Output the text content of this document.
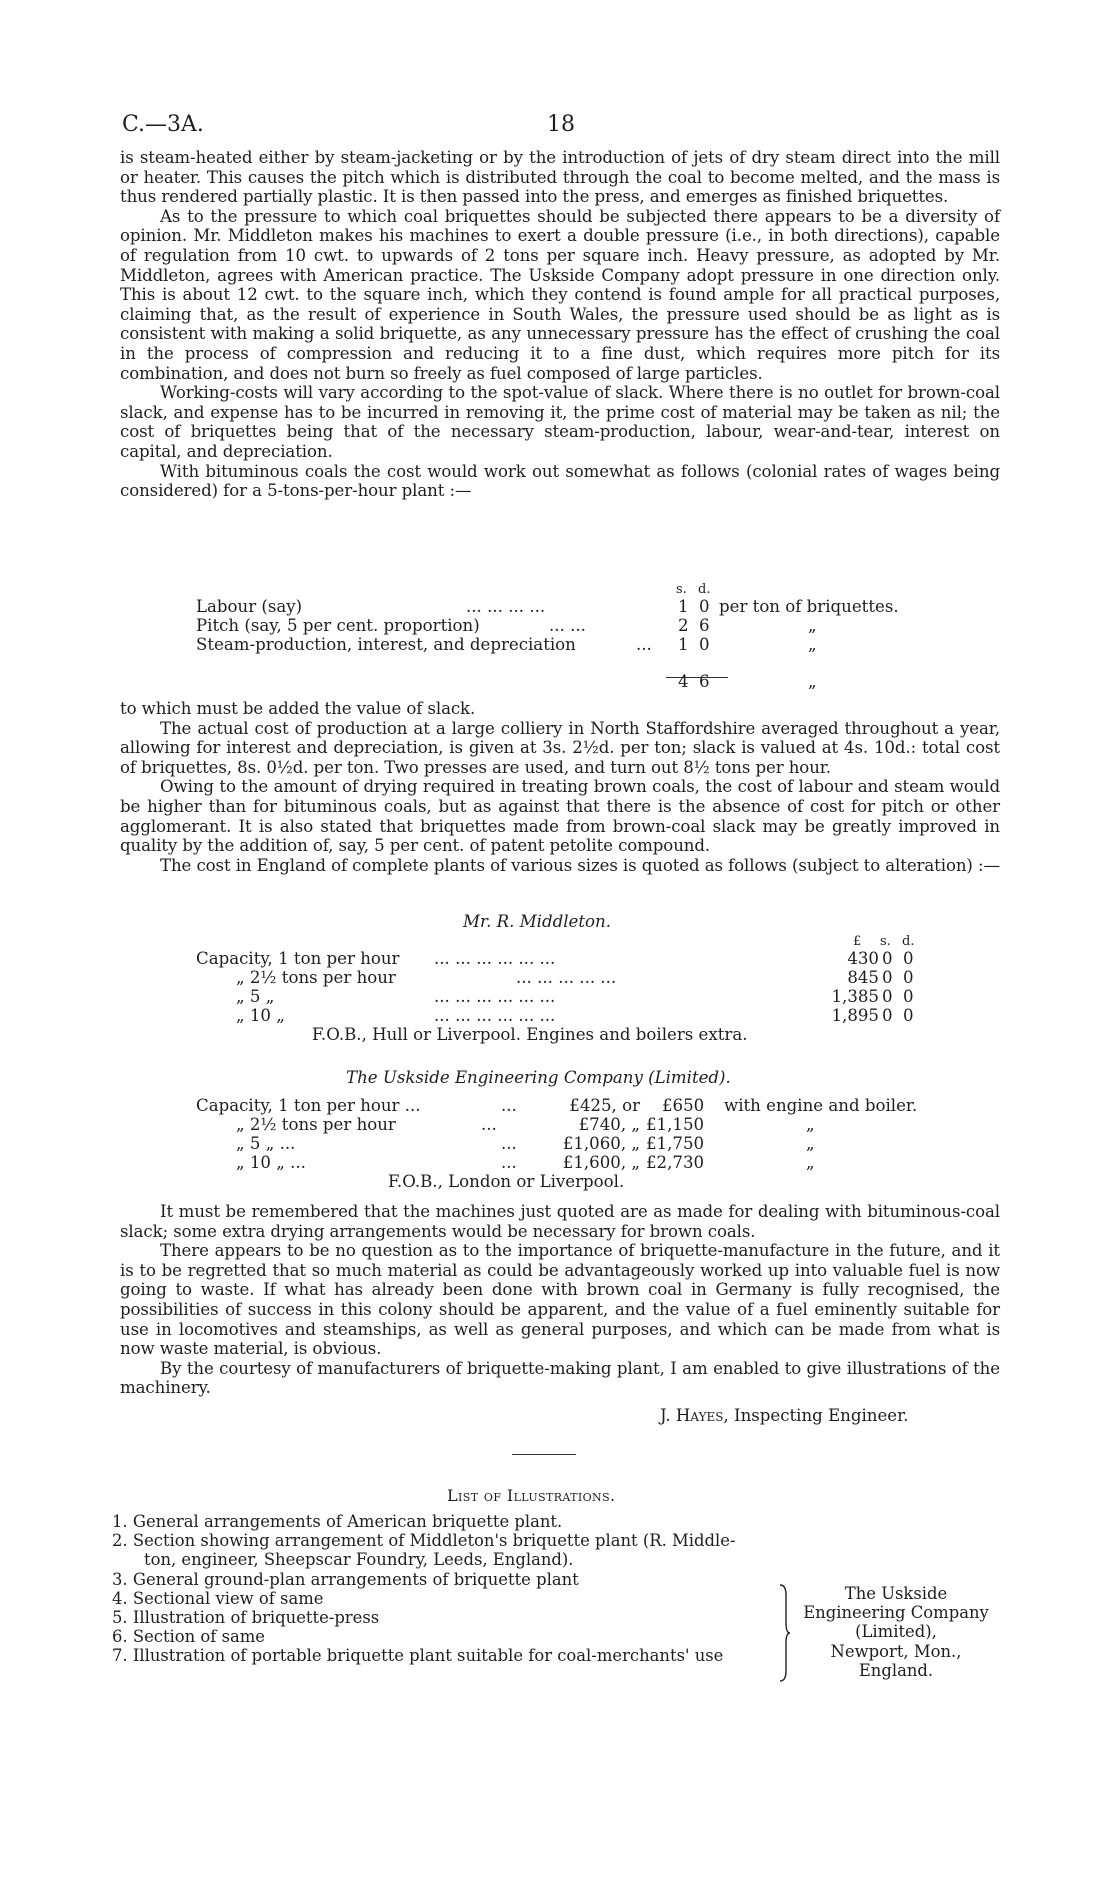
C.—3A.	18

is steam-heated either by steam-jacketing or by the introduction of jets of dry steam direct into the mill or heater. This causes the pitch which is distributed through the coal to become melted, and the mass is thus rendered partially plastic. It is then passed into the press, and emerges as finished briquettes.

As to the pressure to which coal briquettes should be subjected there appears to be a diversity of opinion. Mr. Middleton makes his machines to exert a double pressure (i.e., in both directions), capable of regulation from 10 cwt. to upwards of 2 tons per square inch. Heavy pressure, as adopted by Mr. Middleton, agrees with American practice. The Uskside Company adopt pressure in one direction only. This is about 12 cwt. to the square inch, which they contend is found ample for all practical purposes, claiming that, as the result of experience in South Wales, the pressure used should be as light as is consistent with making a solid briquette, as any unnecessary pressure has the effect of crushing the coal in the process of compression and reducing it to a fine dust, which requires more pitch for its combination, and does not burn so freely as fuel composed of large particles.

Working-costs will vary according to the spot-value of slack. Where there is no outlet for brown-coal slack, and expense has to be incurred in removing it, the prime cost of material may be taken as nil; the cost of briquettes being that of the necessary steam-production, labour, wear-and-tear, interest on capital, and depreciation.

With bituminous coals the cost would work out somewhat as follows (colonial rates of wages being considered) for a 5-tons-per-hour plant :—

s. d.
Labour (say)	... ... ... ...	1 0 per ton of briquettes.
Pitch (say, 5 per cent. proportion)	... ...	2 6	„
Steam-production, interest, and depreciation	... 1 0	„
4 6	„

to which must be added the value of slack.

The actual cost of production at a large colliery in North Staffordshire averaged throughout a year, allowing for interest and depreciation, is given at 3s. 2½d. per ton; slack is valued at 4s. 10d.: total cost of briquettes, 8s. 0½d. per ton. Two presses are used, and turn out 8½ tons per hour.

Owing to the amount of drying required in treating brown coals, the cost of labour and steam would be higher than for bituminous coals, but as against that there is the absence of cost for pitch or other agglomerant. It is also stated that briquettes made from brown-coal slack may be greatly improved in quality by the addition of, say, 5 per cent. of patent petolite compound.

The cost in England of complete plants of various sizes is quoted as follows (subject to alteration) :—

Mr. R. Middleton.
£ s. d.
Capacity, 1 ton per hour ... ... ... ... ... ...	430 0 0
„ 2½ tons per hour	... ... ... ... ...	845 0 0
„ 5 „	... ... ... ... ... ...	1,385 0 0
„ 10 „	... ... ... ... ... ...	1,895 0 0
F.O.B., Hull or Liverpool. Engines and boilers extra.
The Uskside Engineering Company (Limited).
Capacity, 1 ton per hour ...	...	£425, or £650 with engine and boiler.
„ 2½ tons per hour	...	£740, „ £1,150	„
„ 5 „ ...	...	£1,060, „ £1,750	„
„ 10 „ ...	...	£1,600, „ £2,730	„
F.O.B., London or Liverpool.

It must be remembered that the machines just quoted are as made for dealing with bituminous-coal slack; some extra drying arrangements would be necessary for brown coals.

There appears to be no question as to the importance of briquette-manufacture in the future, and it is to be regretted that so much material as could be advantageously worked up into valuable fuel is now going to waste. If what has already been done with brown coal in Germany is fully recognised, the possibilities of success in this colony should be apparent, and the value of a fuel eminently suitable for use in locomotives and steamships, as well as general purposes, and which can be made from what is now waste material, is obvious.

By the courtesy of manufacturers of briquette-making plant, I am enabled to give illustrations of the machinery.

J. Hayes, Inspecting Engineer.
List of Illustrations.
1. General arrangements of American briquette plant.
2. Section showing arrangement of Middleton's briquette plant (R. Middle-
ton, engineer, Sheepscar Foundry, Leeds, England).
3. General ground-plan arrangements of briquette plant
4. Sectional view of same
5. Illustration of briquette-press
6. Section of same
7. Illustration of portable briquette plant suitable for coal-merchants' use
The Uskside
Engineering Company
(Limited),
Newport, Mon.,
England.
